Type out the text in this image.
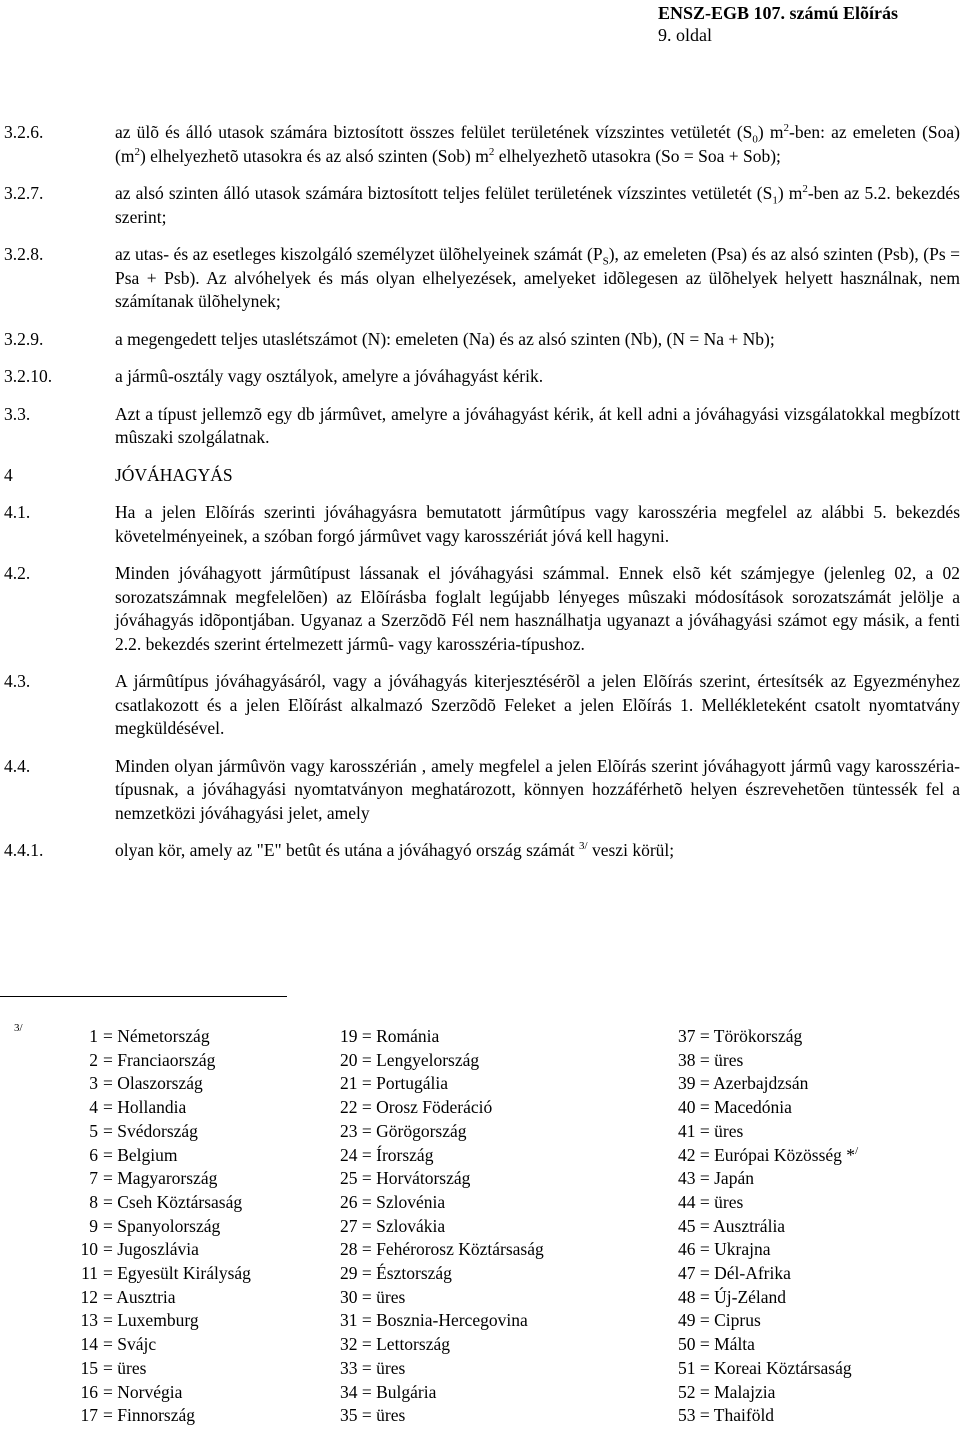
ENSZ-EGB 107. számú Elõírás
9. oldal
3.2.6.	az ülõ és álló utasok számára biztosított összes felület területének vízszintes vetületét $(S_0)$ $m^2$-ben: az emeleten (Soa) $(m^2)$ elhelyezhetõ utasokra és az alsó szinten (Sob) $m^2$ elhelyezhetõ utasokra (So = Soa + Sob);
3.2.7.	az alsó szinten álló utasok számára biztosított teljes felület területének vízszintes vetületét $(S_1)$ $m^2$-ben az 5.2. bekezdés szerint;
3.2.8.	az utas- és az esetleges kiszolgáló személyzet ülõhelyeinek számát $(P_S)$, az emeleten (Psa) és az alsó szinten (Psb), (Ps = Psa + Psb). Az alvóhelyek és más olyan elhelyezések, amelyeket idõlegesen az ülõhelyek helyett használnak, nem számítanak ülõhelynek;
3.2.9.	a megengedett teljes utaslétszámot (N): emeleten (Na) és az alsó szinten (Nb), (N = Na + Nb);
3.2.10.	a jármû-osztály vagy osztályok, amelyre a jóváhagyást kérik.
3.3.	Azt a típust jellemzõ egy db jármûvet, amelyre a jóváhagyást kérik, át kell adni a jóváhagyási vizsgálatokkal megbízott mûszaki szolgálatnak.
4	JÓVÁHAGYÁS
4.1.	Ha a jelen Elõírás szerinti jóváhagyásra bemutatott jármûtípus vagy karosszéria megfelel az alábbi 5. bekezdés követelményeinek, a szóban forgó jármûvet vagy karosszériát jóvá kell hagyni.
4.2.	Minden jóváhagyott jármûtípust lássanak el jóváhagyási számmal. Ennek elsõ két számjegye (jelenleg 02, a 02 sorozatszámnak megfelelõen) az Elõírásba foglalt legújabb lényeges mûszaki módosítások sorozatszámát jelölje a jóváhagyás idõpontjában. Ugyanaz a Szerzõdõ Fél nem használhatja ugyanazt a jóváhagyási számot egy másik, a fenti 2.2. bekezdés szerint értelmezett jármû- vagy karosszéria-típushoz.
4.3.	A jármûtípus jóváhagyásáról, vagy a jóváhagyás kiterjesztésérõl a jelen Elõírás szerint, értesítsék az Egyezményhez csatlakozott és a jelen Elõírást alkalmazó Szerzõdõ Feleket a jelen Elõírás 1. Mellékleteként csatolt nyomtatvány megküldésével.
4.4.	Minden olyan jármûvön vagy karosszérián , amely megfelel a jelen Elõírás szerint jóváhagyott jármû vagy karosszéria-típusnak, a jóváhagyási nyomtatványon meghatározott, könnyen hozzáférhetõ helyen észrevehetõen tüntessék fel a nemzetközi jóváhagyási jelet, amely
4.4.1.	olyan kör, amely az "E" betût és utána a jóváhagyó ország számát $^{3/}$ veszi körül;
3/	1 = Németország
2 = Franciaország
3 = Olaszország
4 = Hollandia
5 = Svédország
6 = Belgium
7 = Magyarország
8 = Cseh Köztársaság
9 = Spanyolország
10 = Jugoszlávia
11 = Egyesült Királyság
12 = Ausztria
13 = Luxemburg
14 = Svájc
15 = üres
16 = Norvégia
17 = Finnország
19 = Románia
20 = Lengyelország
21 = Portugália
22 = Orosz Föderáció
23 = Görögország
24 = Írország
25 = Horvátország
26 = Szlovénia
27 = Szlovákia
28 = Fehérorosz Köztársaság
29 = Észtország
30 = üres
31 = Bosznia-Hercegovina
32 = Lettország
33 = üres
34 = Bulgária
35 = üres
37 = Törökország
38 = üres
39 = Azerbajdzsán
40 = Macedónia
41 = üres
42 = Európai Közösség */
43 = Japán
44 = üres
45 = Ausztrália
46 = Ukrajna
47 = Dél-Afrika
48 = Új-Zéland
49 = Ciprus
50 = Málta
51 = Koreai Köztársaság
52 = Malajzia
53 = Thaiföld
